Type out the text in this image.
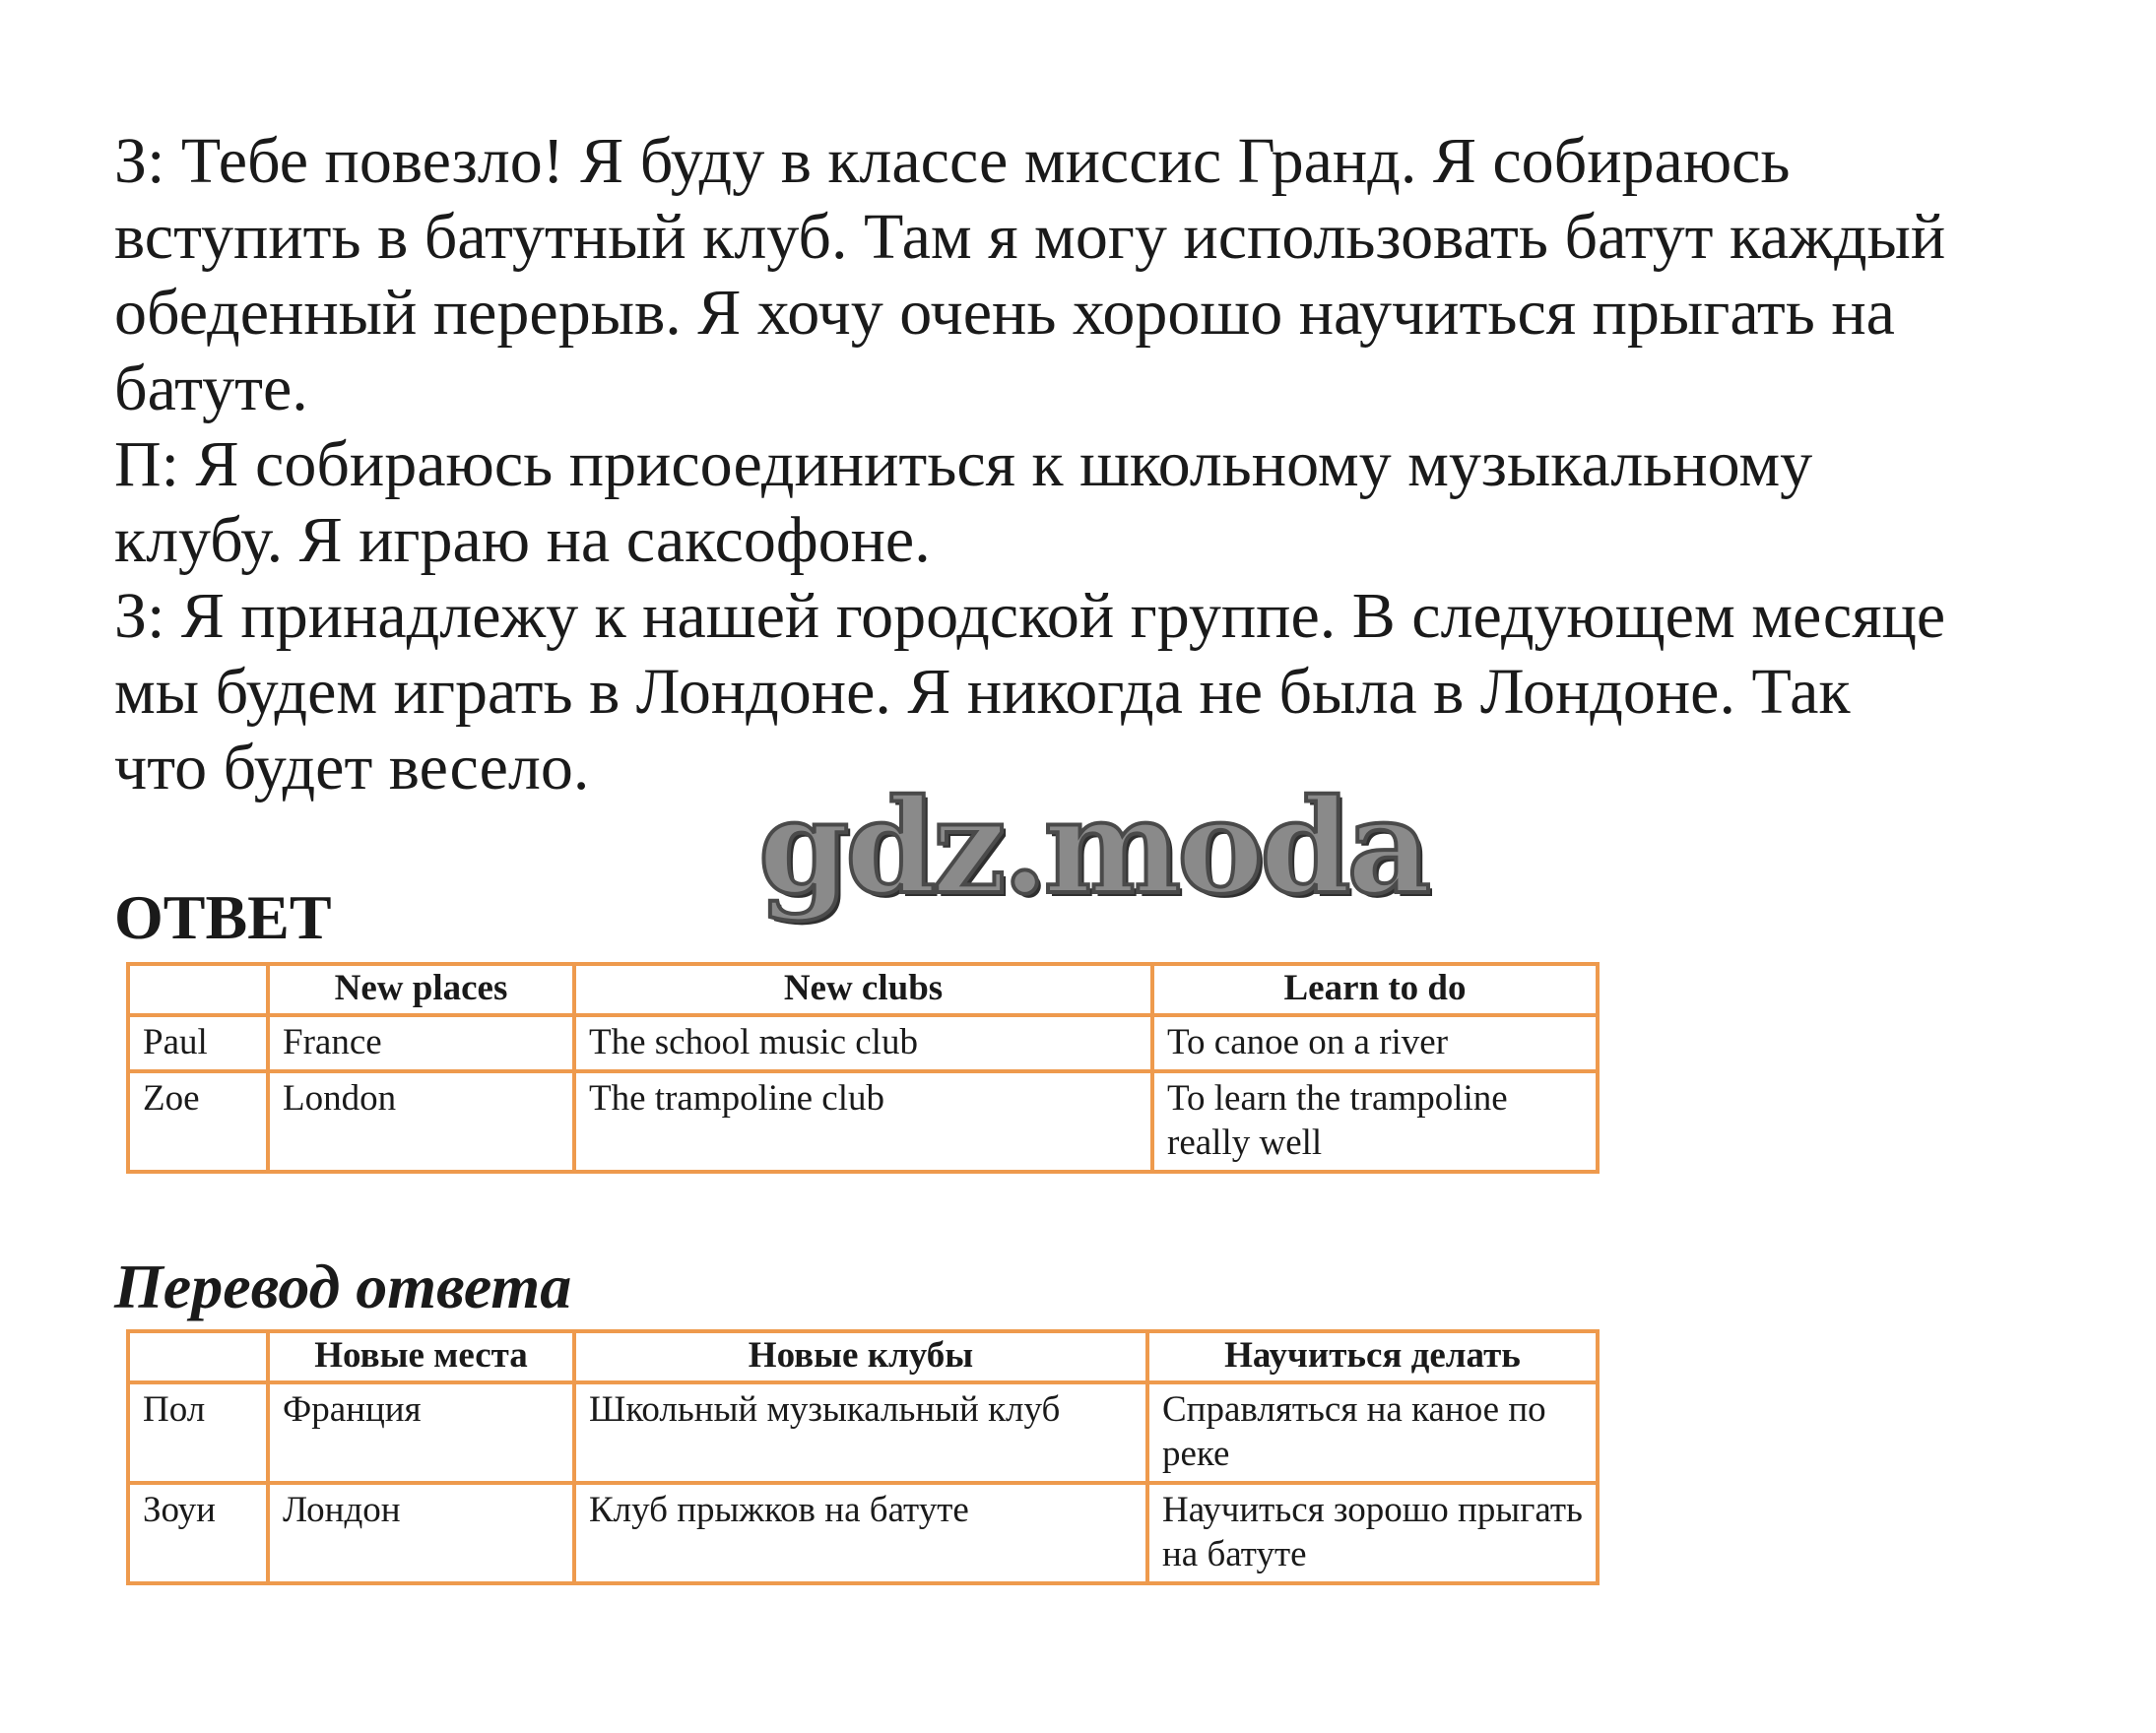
З: Тебе повезло! Я буду в классе миссис Гранд. Я собираюсь
вступить в батутный клуб. Там я могу использовать батут каждый
обеденный перерыв. Я хочу очень хорошо научиться прыгать на
батуте.

П: Я собираюсь присоединиться к школьному музыкальному
клубу. Я играю на саксофоне.

З: Я принадлежу к нашей городской группе. В следующем месяце
мы будем играть в Лондоне. Я никогда не была в Лондоне. Так
что будет весело.

gdz.moda
ОТВЕТ
	New places	New clubs	Learn to do
Paul	France	The school music club	To canoe on a river
Zoe	London	The trampoline club	To learn the trampoline really well
Перевод ответа
	Новые места	Новые клубы	Научиться делать
Пол	Франция	Школьный музыкальный клуб	Справляться на каное по реке
Зоуи	Лондон	Клуб прыжков на батуте	Научиться зорошо прыгать на батуте
